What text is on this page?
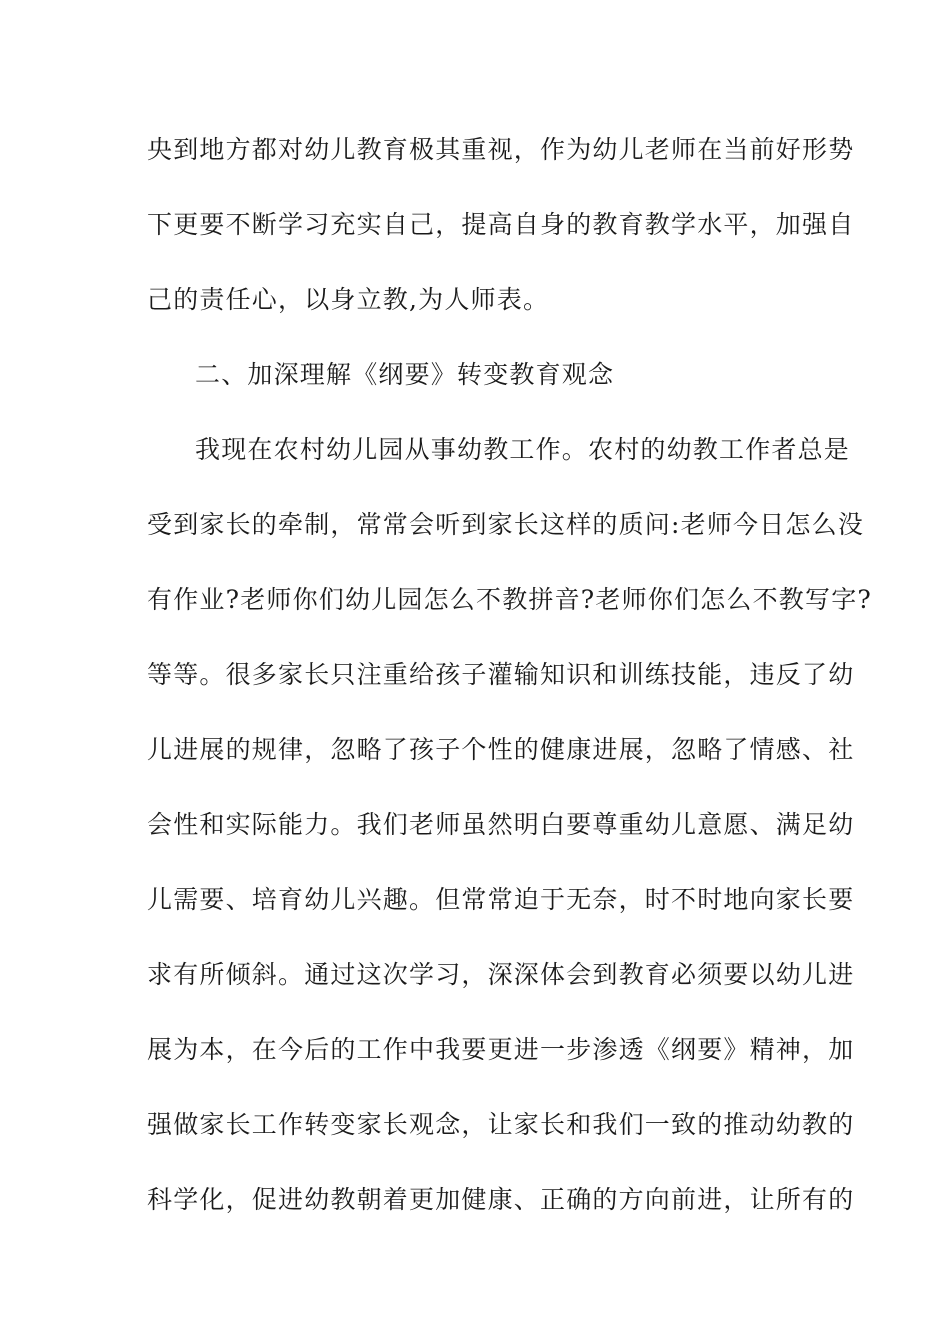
央到地方都对幼儿教育极其重视，作为幼儿老师在当前好形势
下更要不断学习充实自己，提高自身的教育教学水平，加强自
己的责任心，以身立教,为人师表。
二、加深理解《纲要》转变教育观念
我现在农村幼儿园从事幼教工作。农村的幼教工作者总是
受到家长的牵制，常常会听到家长这样的质问:老师今日怎么没
有作业?老师你们幼儿园怎么不教拼音?老师你们怎么不教写字?
等等。很多家长只注重给孩子灌输知识和训练技能，违反了幼
儿进展的规律，忽略了孩子个性的健康进展，忽略了情感、社
会性和实际能力。我们老师虽然明白要尊重幼儿意愿、满足幼
儿需要、培育幼儿兴趣。但常常迫于无奈，时不时地向家长要
求有所倾斜。通过这次学习，深深体会到教育必须要以幼儿进
展为本，在今后的工作中我要更进一步渗透《纲要》精神，加
强做家长工作转变家长观念，让家长和我们一致的推动幼教的
科学化，促进幼教朝着更加健康、正确的方向前进，让所有的
